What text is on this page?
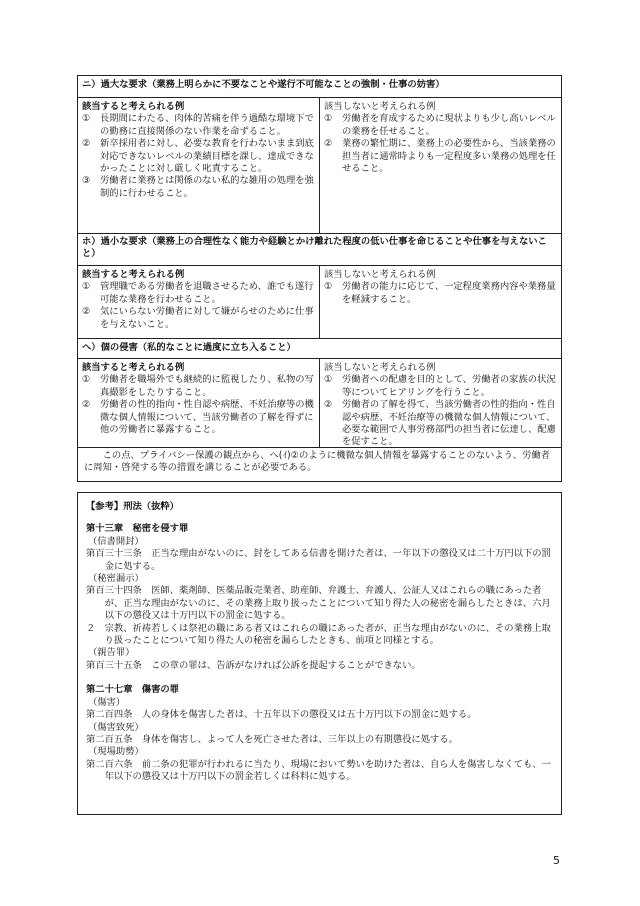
ニ）過大な要求（業務上明らかに不要なことや遂行不可能なことの強制・仕事の妨害）
該当すると考えられる例
①	長期間にわたる、肉体的苦痛を伴う過酷な環境下での勤務に直接関係のない作業を命ずること。
②	新卒採用者に対し、必要な教育を行わないまま到底対応できないレベルの業績目標を課し、達成できなかったことに対し厳しく叱責すること。
③	労働者に業務とは関係のない私的な雑用の処理を強制的に行わせること。
該当しないと考えられる例
①	労働者を育成するために現状よりも少し高いレベルの業務を任せること。
②	業務の繁忙期に、業務上の必要性から、当該業務の担当者に通常時よりも一定程度多い業務の処理を任せること。
ホ）過小な要求（業務上の合理性なく能力や経験とかけ離れた程度の低い仕事を命じることや仕事を与えないこと）
該当すると考えられる例
①	管理職である労働者を退職させるため、誰でも遂行可能な業務を行わせること。
②	気にいらない労働者に対して嫌がらせのために仕事を与えないこと。
該当しないと考えられる例
①	労働者の能力に応じて、一定程度業務内容や業務量を軽減すること。
へ）個の侵害（私的なことに過度に立ち入ること）
該当すると考えられる例
①	労働者を職場外でも継続的に監視したり、私物の写真撮影をしたりすること。
②	労働者の性的指向・性自認や病歴、不妊治療等の機微な個人情報について、当該労働者の了解を得ずに他の労働者に暴露すること。
該当しないと考えられる例
①	労働者への配慮を目的として、労働者の家族の状況等についてヒアリングを行うこと。
②	労働者の了解を得て、当該労働者の性的指向・性自認や病歴、不妊治療等の機微な個人情報について、必要な範囲で人事労務部門の担当者に伝達し、配慮を促すこと。
この点、プライバシー保護の観点から、へ(ｲ)②のように機微な個人情報を暴露することのないよう、労働者に周知・啓発する等の措置を講じることが必要である。
【参考】刑法（抜粋）
第十三章　秘密を侵す罪
（信書開封）
第百三十三条　正当な理由がないのに、封をしてある信書を開けた者は、一年以下の懲役又は二十万円以下の罰金に処する。
（秘密漏示）
第百三十四条　医師、薬剤師、医薬品販売業者、助産師、弁護士、弁護人、公証人又はこれらの職にあった者が、正当な理由がないのに、その業務上取り扱ったことについて知り得た人の秘密を漏らしたときは、六月以下の懲役又は十万円以下の罰金に処する。
２　宗教、祈祷若しくは祭祀の職にある者又はこれらの職にあった者が、正当な理由がないのに、その業務上取り扱ったことについて知り得た人の秘密を漏らしたときも、前項と同様とする。
（親告罪）
第百三十五条　この章の罪は、告訴がなければ公訴を提起することができない。
第二十七章　傷害の罪
（傷害）
第二百四条　人の身体を傷害した者は、十五年以下の懲役又は五十万円以下の罰金に処する。
（傷害致死）
第二百五条　身体を傷害し、よって人を死亡させた者は、三年以上の有期懲役に処する。
（現場助勢）
第二百六条　前二条の犯罪が行われるに当たり、現場において勢いを助けた者は、自ら人を傷害しなくても、一年以下の懲役又は十万円以下の罰金若しくは科料に処する。
5
